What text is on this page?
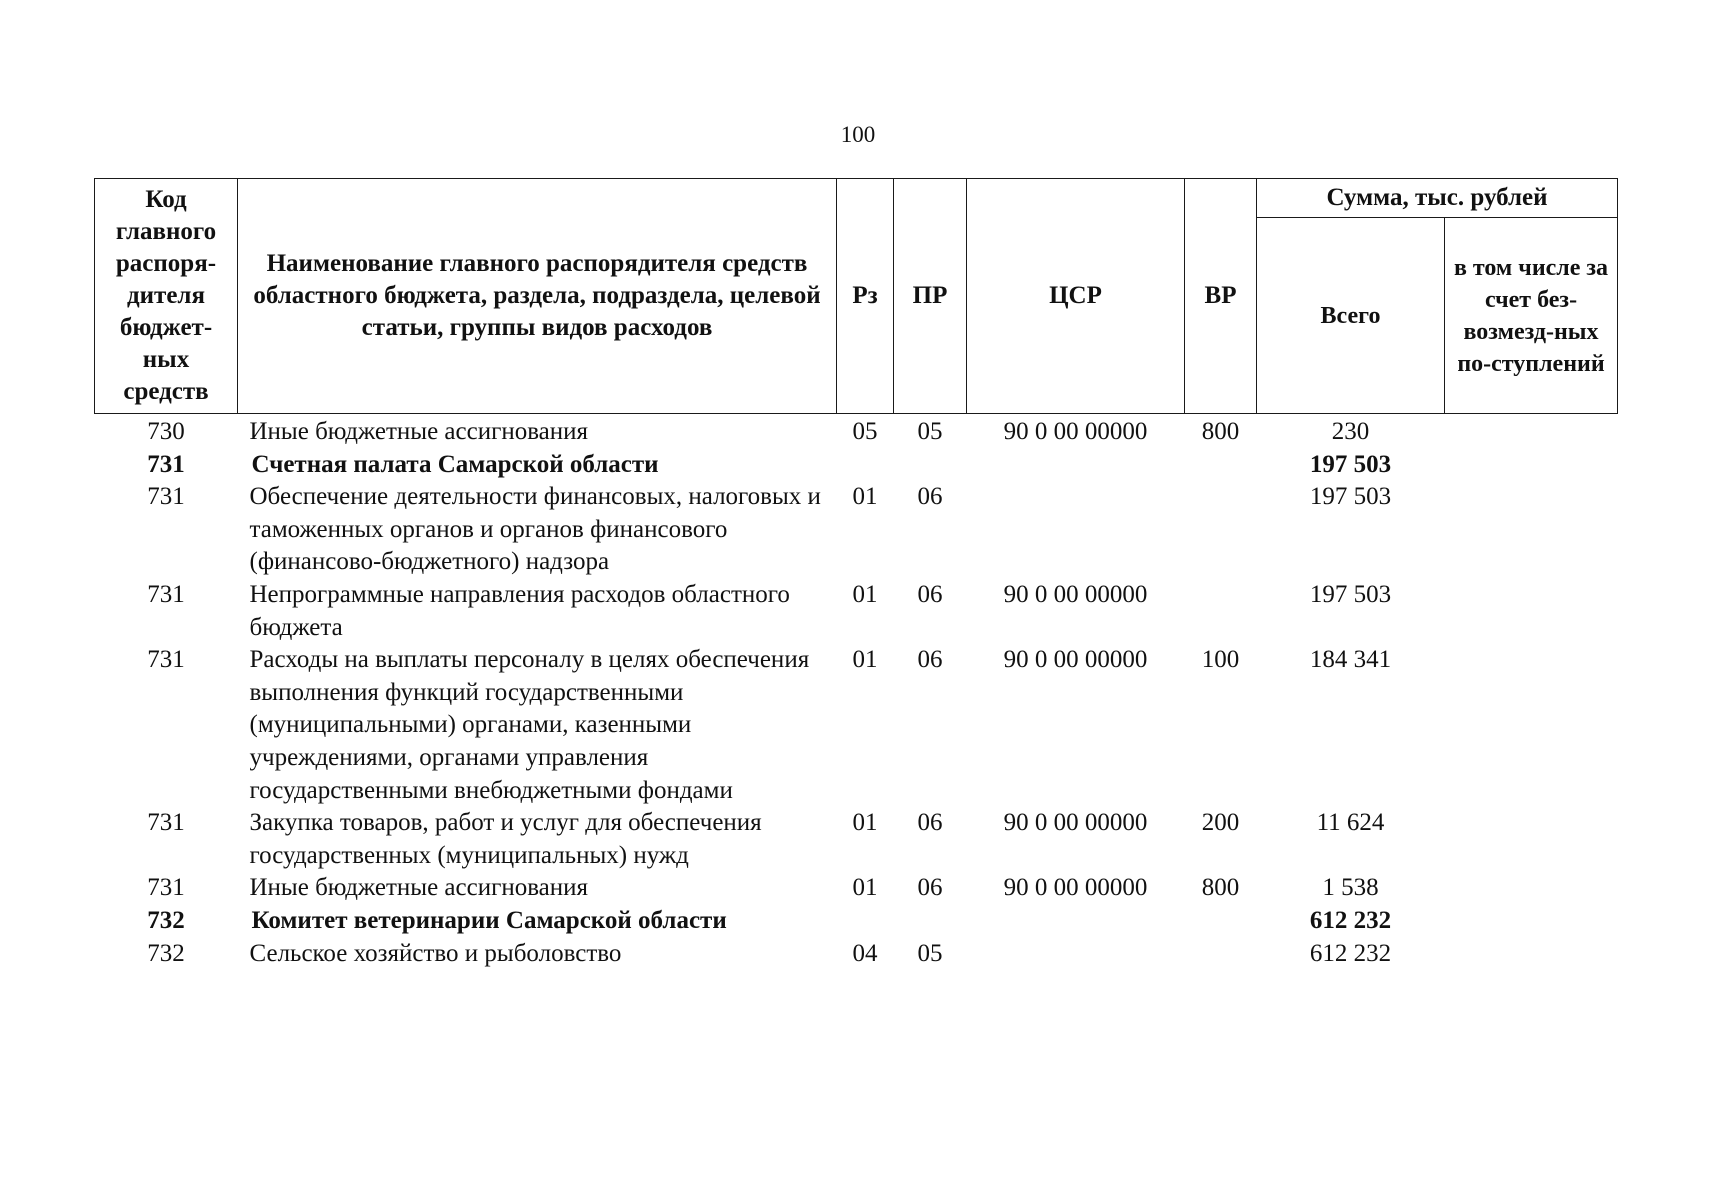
100
Код главного распоря-дителя бюджет-ных средств	Наименование главного распорядителя средств областного бюджета, раздела, подраздела, целевой статьи, группы видов расходов	Рз	ПР	ЦСР	ВР	Сумма, тыс. рублей	
						Всего	в том числе за счет без-возмезд-ных по-ступлений
730	Иные бюджетные ассигнования	05	05	90 0 00 00000	800	230	
731	Счетная палата Самарской области					197 503	
731	Обеспечение деятельности финансовых, налоговых и таможенных органов и органов финансового (финансово-бюджетного) надзора	01	06			197 503	
731	Непрограммные направления расходов областного бюджета	01	06	90 0 00 00000		197 503	
731	Расходы на выплаты персоналу в целях обеспечения выполнения функций государственными (муниципальными) органами, казенными учреждениями, органами управления государственными внебюджетными фондами	01	06	90 0 00 00000	100	184 341	
731	Закупка товаров, работ и услуг для обеспечения государственных (муниципальных) нужд	01	06	90 0 00 00000	200	11 624	
731	Иные бюджетные ассигнования	01	06	90 0 00 00000	800	1 538	
732	Комитет ветеринарии Самарской области					612 232	
732	Сельское хозяйство и рыболовство	04	05			612 232	
